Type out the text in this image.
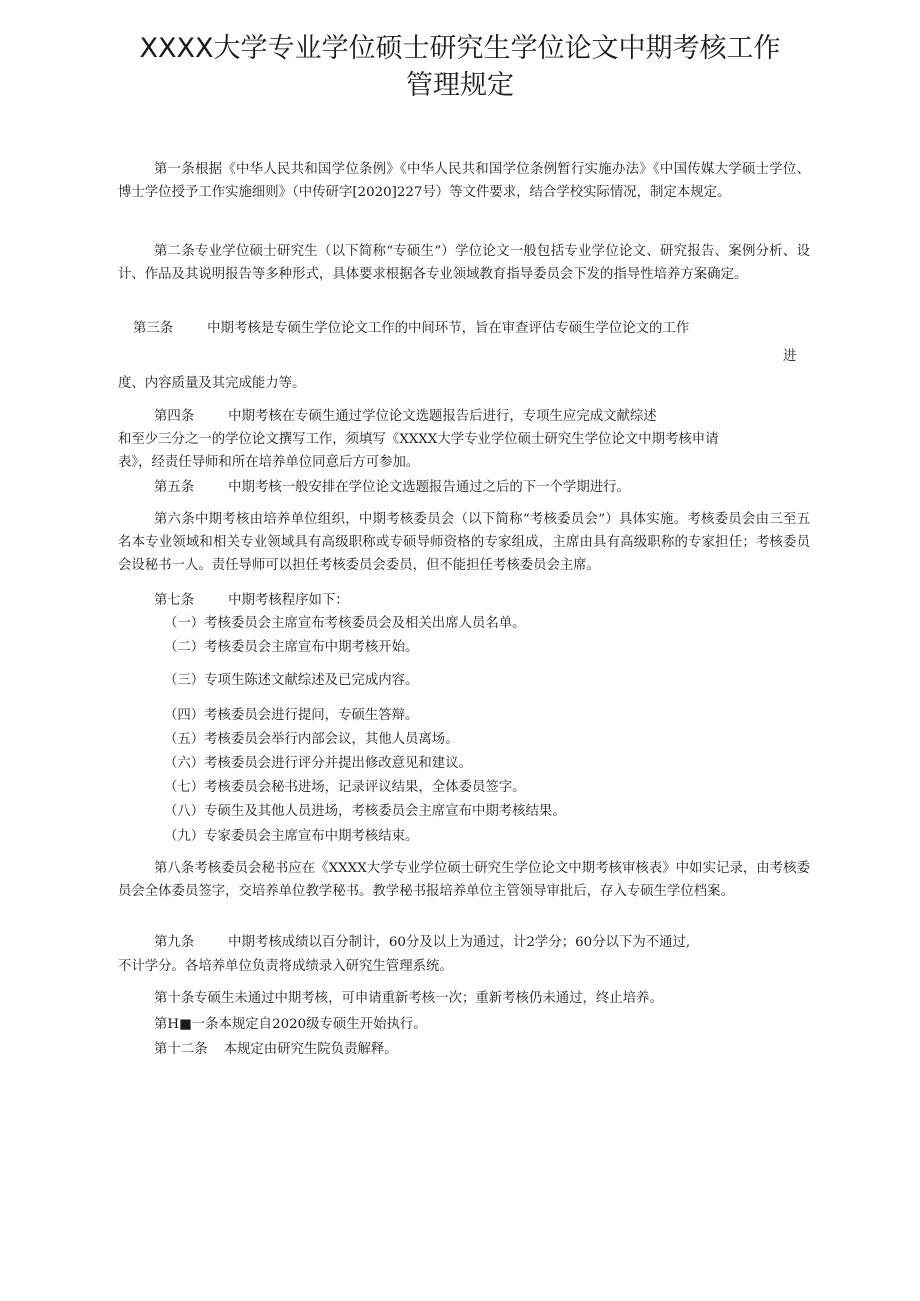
XXXX大学专业学位硕士研究生学位论文中期考核工作
管理规定

第一条根据《中华人民共和国学位条例》《中华人民共和国学位条例暂行实施办法》《中国传媒大学硕士学位、博士学位授予工作实施细则》（中传研字[2020]227号）等文件要求，结合学校实际情况，制定本规定。

第二条专业学位硕士研究生（以下简称“专硕生”）学位论文一般包括专业学位论文、研究报告、案例分析、设计、作品及其说明报告等多种形式，具体要求根据各专业领域教育指导委员会下发的指导性培养方案确定。

第三条	中期考核是专硕生学位论文工作的中间环节，旨在审查评估专硕生学位论文的工作
进
度、内容质量及其完成能力等。
第四条	中期考核在专硕生通过学位论文选题报告后进行，专项生应完成文献综述
和至少三分之一的学位论文撰写工作，须填写《XXXX大学专业学位硕士研究生学位论文中期考核申请
表》，经责任导师和所在培养单位同意后方可参加。
第五条	中期考核一般安排在学位论文选题报告通过之后的下一个学期进行。

第六条中期考核由培养单位组织，中期考核委员会（以下简称“考核委员会”）具体实施。考核委员会由三至五名本专业领域和相关专业领域具有高级职称或专硕导师资格的专家组成，主席由具有高级职称的专家担任；考核委员会设秘书一人。责任导师可以担任考核委员会委员，但不能担任考核委员会主席。

第七条	中期考核程序如下：
（一）考核委员会主席宣布考核委员会及相关出席人员名单。
（二）考核委员会主席宣布中期考核开始。
（三）专项生陈述文献综述及已完成内容。
（四）考核委员会进行提问，专硕生答辩。
（五）考核委员会举行内部会议，其他人员离场。
（六）考核委员会进行评分并提出修改意见和建议。
（七）考核委员会秘书进场，记录评议结果，全体委员签字。
（八）专硕生及其他人员进场，考核委员会主席宣布中期考核结果。
（九）专家委员会主席宣布中期考核结束。

第八条考核委员会秘书应在《XXXX大学专业学位硕士研究生学位论文中期考核审核表》中如实记录，由考核委员会全体委员签字，交培养单位教学秘书。教学秘书报培养单位主管领导审批后，存入专硕生学位档案。

第九条	中期考核成绩以百分制计，60分及以上为通过，计2学分；60分以下为不通过,
不计学分。各培养单位负责将成绩录入研究生管理系统。
第十条专硕生未通过中期考核，可申请重新考核一次；重新考核仍未通过，终止培养。
第H■一条本规定自2020级专硕生开始执行。
第十二条 本规定由研究生院负责解释。
